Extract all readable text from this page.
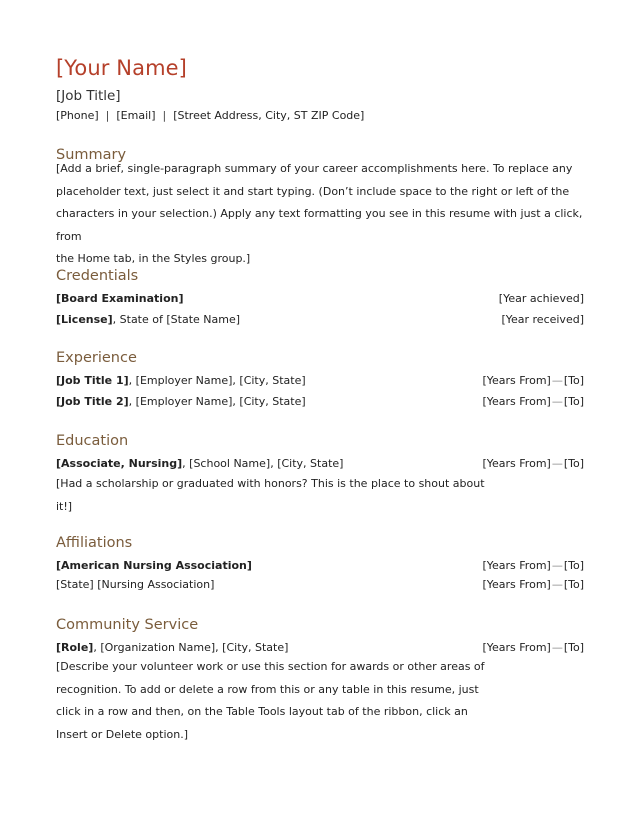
[Your Name]
[Job Title]
[Phone] | [Email] | [Street Address, City, ST ZIP Code]
Summary
[Add a brief, single-paragraph summary of your career accomplishments here. To replace any
placeholder text, just select it and start typing. (Don’t include space to the right or left of the
characters in your selection.) Apply any text formatting you see in this resume with just a click, from
the Home tab, in the Styles group.]
Credentials
[Board Examination]	[Year achieved]
[License], State of [State Name]	[Year received]
Experience
[Job Title 1], [Employer Name], [City, State]	[Years From]—[To]
[Job Title 2], [Employer Name], [City, State]	[Years From]—[To]
Education
[Associate, Nursing], [School Name], [City, State]	[Years From]—[To]
[Had a scholarship or graduated with honors? This is the place to shout about
it!]
Affiliations
[American Nursing Association]	[Years From]—[To]
[State] [Nursing Association]	[Years From]—[To]
Community Service
[Role], [Organization Name], [City, State]	[Years From]—[To]
[Describe your volunteer work or use this section for awards or other areas of
recognition. To add or delete a row from this or any table in this resume, just
click in a row and then, on the Table Tools layout tab of the ribbon, click an
Insert or Delete option.]
